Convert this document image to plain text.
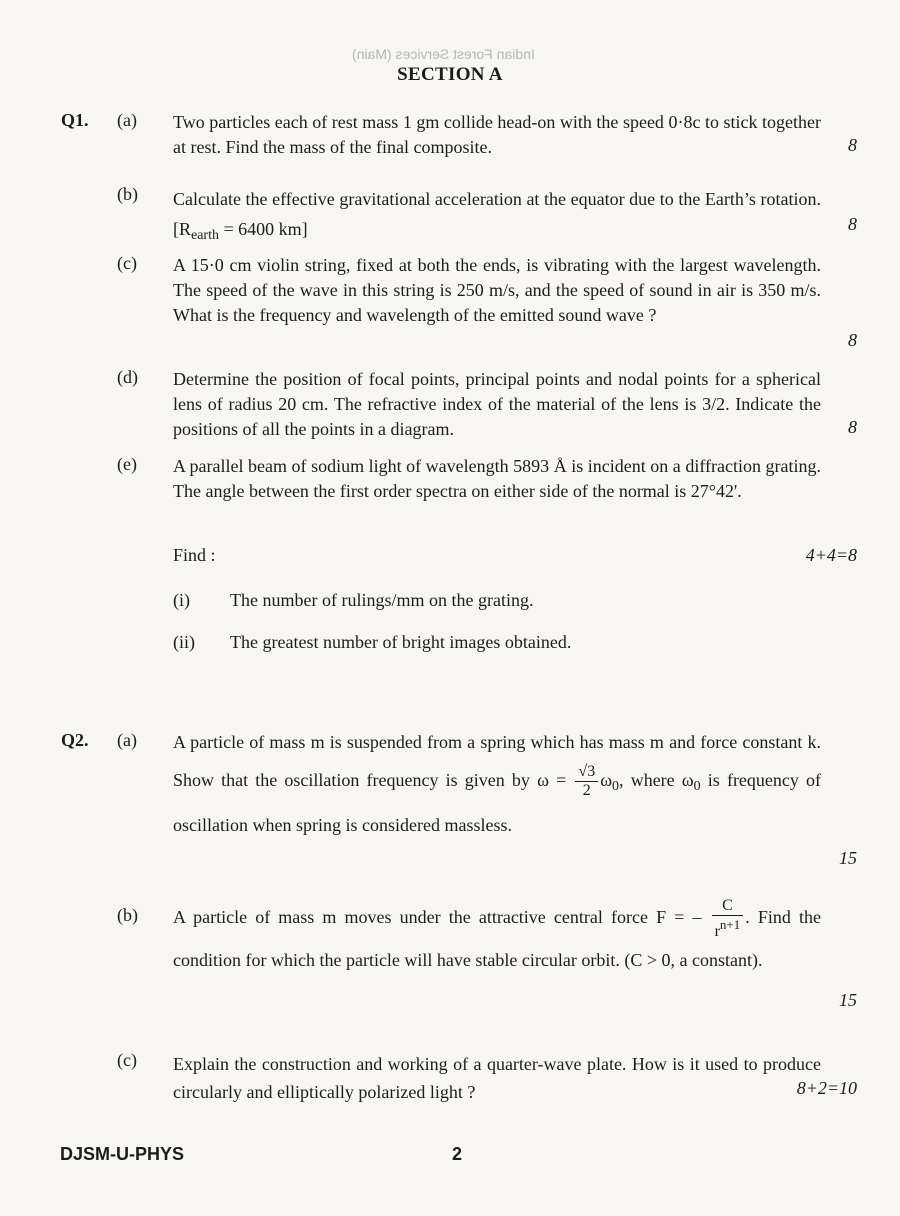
Indian Forest Services (Main)
SECTION A
Q1. (a) Two particles each of rest mass 1 gm collide head-on with the speed 0·8c to stick together at rest. Find the mass of the final composite.	8
(b) Calculate the effective gravitational acceleration at the equator due to the Earth’s rotation. [$R_{earth} = 6400$ km]	8
(c) A 15·0 cm violin string, fixed at both the ends, is vibrating with the largest wavelength. The speed of the wave in this string is 250 m/s, and the speed of sound in air is 350 m/s. What is the frequency and wavelength of the emitted sound wave ?
8
(d) Determine the position of focal points, principal points and nodal points for a spherical lens of radius 20 cm. The refractive index of the material of the lens is 3/2. Indicate the positions of all the points in a diagram.	8
(e) A parallel beam of sodium light of wavelength 5893 Å is incident on a diffraction grating. The angle between the first order spectra on either side of the normal is 27°42'.
Find :	4+4=8
(i) The number of rulings/mm on the grating.
(ii) The greatest number of bright images obtained.
Q2. (a) A particle of mass m is suspended from a spring which has mass m and force constant k. Show that the oscillation frequency is given by $\omega = \frac{√3}{2} \omega_0$, where $\omega_0$ is frequency of oscillation when spring is considered massless.
15
(b) A particle of mass m moves under the attractive central force F = – $\frac{C}{r^{n+1}}$ . Find the condition for which the particle will have stable circular orbit. (C > 0, a constant).
15
(c) Explain the construction and working of a quarter-wave plate. How is it used to produce circularly and elliptically polarized light ?	8+2=10
DJSM-U-PHYS	2
